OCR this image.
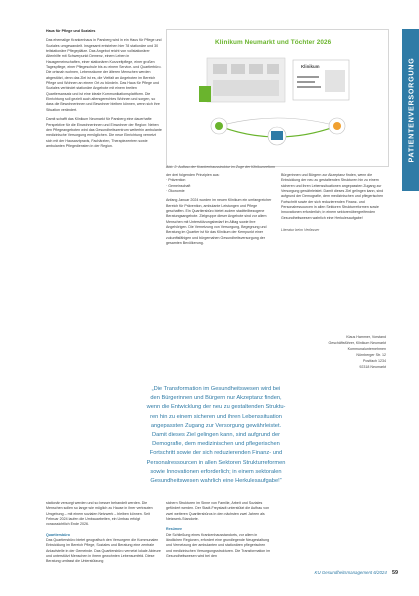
Haus für Pflege und Soziales

Das ehemalige Krankenhaus in Parsberg wird in ein Haus für Pflege und Soziales umgewandelt. Insgesamt entstehen hier 78 stationäre und 30 teilstationäre Pflegeplätze. Das Angebot reicht von vollstationärer Altenhilfe mit Schwerpunkt Demenz, einem Leben in Hausgemeinschaften, einer stationären Kurzzeitpflege, einer großen Tagespflege, einer Pflegeschule bis zu einem Service- und Quartierbüro. Die ortsnah wohnen, Lebensräume der älteren Menschen werden abgestützt, denn das Ziel ist es, die Vielfalt an Angeboten im Bereich Pflege und Wohnen an einem Ort zu bündeln. Das Haus für Pflege und Soziales verbindet stationäre Angebote mit einem breiten Quartiersansatz und ist eine ideale Kommunikationsplattform. Die Einrichtung soll gezielt auch altersgerechtes Wohnen und sorgen, so dass die Bewohnerinnen und Bewohner bleiben können, wenn sich ihre Situation verändert.

Damit schafft das Klinikum Neumarkt für Parsberg eine dauerhafte Perspektive für die Einwohnerinnen und Einwohner der Region: Neben den Pflegeangeboten wird das Gesundheitszentrum weiterhin ambulante medizinische Versorgung ermöglichen. Die neue Einrichtung vernetzt sich mit der Hausarztpraxis, Fachärzten, Therapiezentren sowie ambulanten Pflegediensten in der Region.

Klinikum Neumarkt und Töchter 2026
Klinikum
Abb. 2: Aufbau der Krankenhausstruktur im Zuge der Klinikumreform
PATIENTENVERSORGUNG

der drei folgenden Prinzipien aus:

· Prävention

· Gemeinschaft

· Ökonomie

Anfang Januar 2024 wurden im neuen Klinikum ein umfangreicher Bereich für Prävention, ambulante Leistungen und Pflege geschaffen. Ein Quartiersbüro bietet zudem stadtteilbezogene Beratungsangebote. Zielgruppe dieser Angebote sind vor allem Menschen mit Unterstützungsbedarf im Alltag sowie ihre Angehörigen. Die Vernetzung von Versorgung, Begegnung und Beratung im Quartier ist für das Klinikum der Kernpunkt einer zukunftsfähigen und bürgernahen Gesundheitsversorgung der gesamten Bevölkerung.

Bürgerinnen und Bürgern zur Akzeptanz finden, wenn die Entwicklung der neu zu gestaltenden Strukturen hin zu einem sicheren und ihren Lebenssituationen angepassten Zugang zur Versorgung gewährleistet. Damit dieses Ziel gelingen kann, sind aufgrund der Demografie, dem medizinischen und pflegerischen Fortschritt sowie der sich reduzierenden Finanz- und Personalressourcen in allen Sektoren Strukturreformen sowie Innovationen erforderlich; in einem sektorenübergreifenden Gesundheitswesen wahrlich eine Herkulesaufgabe!

Literatur beim Verfasser

Klaus Hammer, Vorstand

Geschäftsführer, Klinikum Neumarkt

Kommunalunternehmen

Nürnberger Str. 12

Postfach 1234

92318 Neumarkt

„Die Transformation im Gesundheitswesen wird bei

den Bürgerinnen und Bürgern nur Akzeptanz finden,

wenn die Entwicklung der neu zu gestaltenden Struktu-

ren hin zu einem sicheren und ihren Lebenssituation

angepassten Zugang zur Versorgung gewährleistet.

Damit dieses Ziel gelingen kann, sind aufgrund der

Demografie, dem medizinischen und pflegerischen

Fortschritt sowie der sich reduzierenden Finanz- und

Personalressourcen in allen Sektoren Strukturreformen

sowie Innovationen erforderlich; in einem sektoralen

Gesundheitswesen wahrlich eine Herkulesaufgabe!“

stationär versorgt werden und so besser behandelt werden. Die Menschen sollen so lange wie möglich zu Hause in ihrer vertrauten Umgebung – mit einem sozialen Netzwerk – bleiben können. Seit Februar 2024 laufen die Umbauarbeiten, ein Umbau erfolgt voraussichtlich Ende 2026.

Quartiersbüro

Das Quartiersbüro bietet geografisch den Versorgern die Kommunalen Entwicklung im Bereich Pflege, Soziales und Beratung eine zentrale Anlaufstelle in der Gemeinde. Das Quartiersbüro vernetzt lokale Akteure und unterstützt Menschen in ihrem gewohnten Lebensumfeld. Diese Beratung umfasst die Unterstützung

sichern Strukturen im Sinne von Familie, Arbeit und Soziales gefördert werden. Der Stadt-Freystadt unterstützt die Aufbau von zwei weiteren Quartiersbüros in den nächsten zwei Jahren als Netzwerk-Standorte.

Resümee

Die Schließung eines Krankenhausstandorts, vor allem in ländlichen Regionen, erfordert eine grundlegende Neugestaltung und Vernetzung der ambulanten und stationären pflegerischen und medizinischen Versorgungsstrukturen. Die Transformation im Gesundheitswesen wird bei den

KU Gesundheitsmanagement 6/2024 59
